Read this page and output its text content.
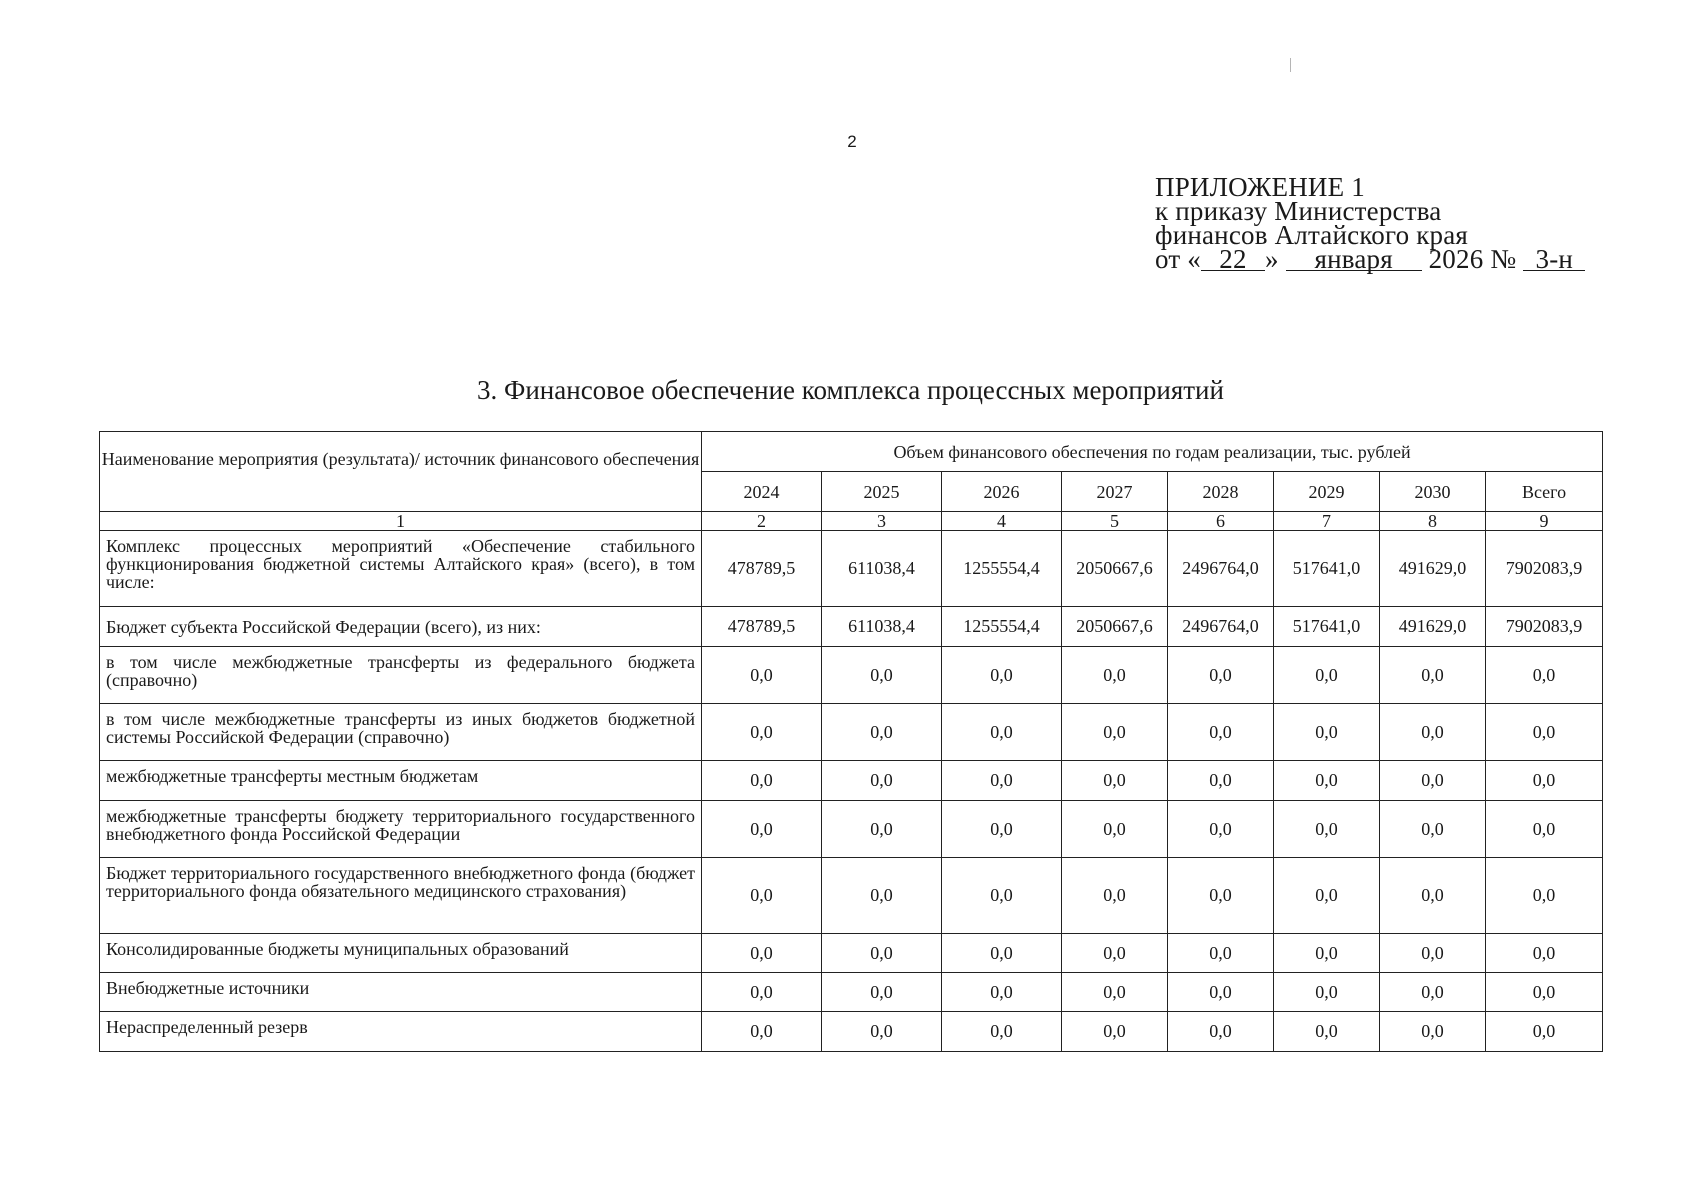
2
ПРИЛОЖЕНИЕ 1
к приказу Министерства
финансов Алтайского края
от « 22 » января 2026 № 3-н
3. Финансовое обеспечение комплекса процессных мероприятий
Наименование мероприятия (результата)/ источник финансового обеспечения	Объем финансового обеспечения по годам реализации, тыс. рублей							
	2024	2025	2026	2027	2028	2029	2030	Всего
1	2	3	4	5	6	7	8	9
Комплекс процессных мероприятий «Обеспечение стабильного функционирования бюджетной системы Алтайского края» (всего), в том числе:	478789,5	611038,4	1255554,4	2050667,6	2496764,0	517641,0	491629,0	7902083,9
Бюджет субъекта Российской Федерации (всего), из них:	478789,5	611038,4	1255554,4	2050667,6	2496764,0	517641,0	491629,0	7902083,9
в том числе межбюджетные трансферты из федерального бюджета (справочно)	0,0	0,0	0,0	0,0	0,0	0,0	0,0	0,0
в том числе межбюджетные трансферты из иных бюджетов бюджетной системы Российской Федерации (справочно)	0,0	0,0	0,0	0,0	0,0	0,0	0,0	0,0
межбюджетные трансферты местным бюджетам	0,0	0,0	0,0	0,0	0,0	0,0	0,0	0,0
межбюджетные трансферты бюджету территориального государственного внебюджетного фонда Российской Федерации	0,0	0,0	0,0	0,0	0,0	0,0	0,0	0,0
Бюджет территориального государственного внебюджетного фонда (бюджет территориального фонда обязательного медицинского страхования)	0,0	0,0	0,0	0,0	0,0	0,0	0,0	0,0
Консолидированные бюджеты муниципальных образований	0,0	0,0	0,0	0,0	0,0	0,0	0,0	0,0
Внебюджетные источники	0,0	0,0	0,0	0,0	0,0	0,0	0,0	0,0
Нераспределенный резерв	0,0	0,0	0,0	0,0	0,0	0,0	0,0	0,0
